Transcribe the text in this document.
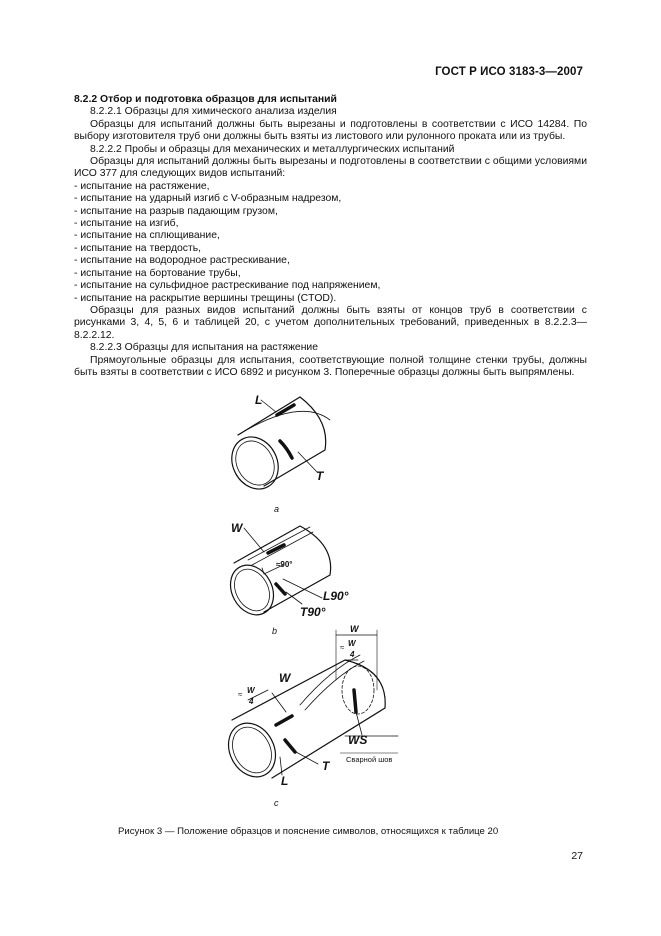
ГОСТ Р ИСО 3183-3—2007

8.2.2 Отбор и подготовка образцов для испытаний

8.2.2.1 Образцы для химического анализа изделия

Образцы для испытаний должны быть вырезаны и подготовлены в соответствии с ИСО 14284. По выбору изготовителя труб они должны быть взяты из листового или рулонного проката или из трубы.

8.2.2.2 Пробы и образцы для механических и металлургических испытаний

Образцы для испытаний должны быть вырезаны и подготовлены в соответствии с общими условиями ИСО 377 для следующих видов испытаний:

- испытание на растяжение,

- испытание на ударный изгиб с V-образным надрезом,

- испытание на разрыв падающим грузом,

- испытание на изгиб,

- испытание на сплющивание,

- испытание на твердость,

- испытание на водородное растрескивание,

- испытание на бортование трубы,

- испытание на сульфидное растрескивание под напряжением,

- испытание на раскрытие вершины трещины (CTOD).

Образцы для разных видов испытаний должны быть взяты от концов труб в соответствии с рисунками 3, 4, 5, 6 и таблицей 20, с учетом дополнительных требований, приведенных в 8.2.2.3—8.2.2.12.

8.2.2.3 Образцы для испытания на растяжение

Прямоугольные образцы для испытания, соответствующие полной толщине стенки трубы, должны быть взяты в соответствии с ИСО 6892 и рисунком 3. Поперечные образцы должны быть выпрямлены.

L
T
a
W
≈90°
L90°
T90°
b	W
≈ W
4
W
≈ W
4
WS
Сварной шов
T
L
c
Рисунок 3 — Положение образцов и пояснение символов, относящихся к таблице 20
27
